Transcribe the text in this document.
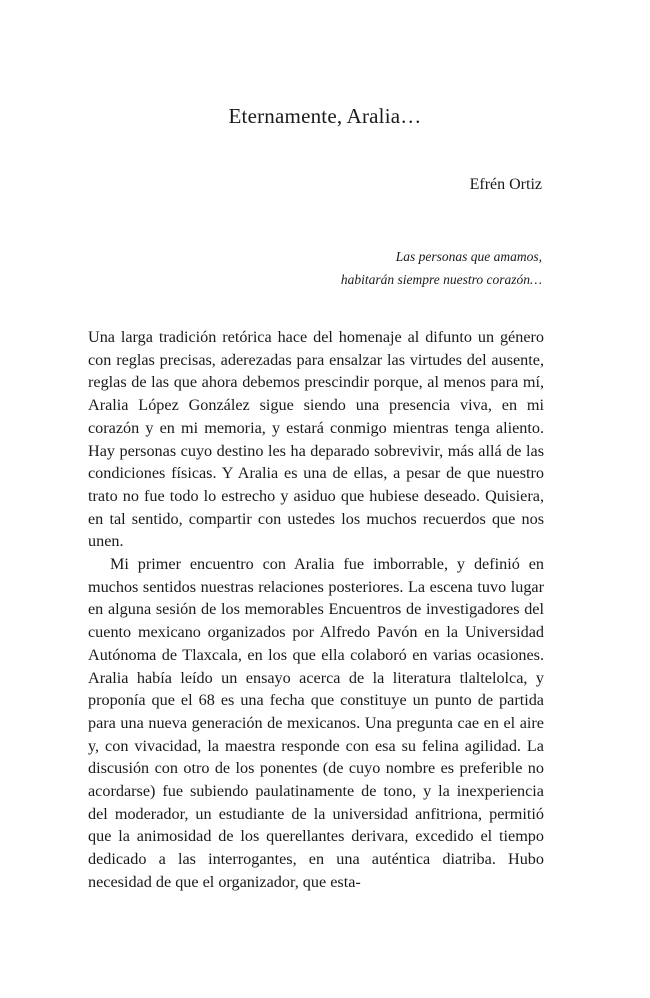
Eternamente, Aralia…

Efrén Ortiz

Las personas que amamos,
habitarán siempre nuestro corazón…

Una larga tradición retórica hace del homenaje al difunto un género con reglas precisas, aderezadas para ensalzar las virtudes del ausente, reglas de las que ahora debemos prescindir porque, al menos para mí, Aralia López González sigue siendo una presencia viva, en mi corazón y en mi memoria, y estará conmigo mientras tenga aliento. Hay personas cuyo destino les ha deparado sobrevivir, más allá de las condiciones físicas. Y Aralia es una de ellas, a pesar de que nuestro trato no fue todo lo estrecho y asiduo que hubiese deseado. Quisiera, en tal sentido, compartir con ustedes los muchos recuerdos que nos unen.

Mi primer encuentro con Aralia fue imborrable, y definió en muchos sentidos nuestras relaciones posteriores. La escena tuvo lugar en alguna sesión de los memorables Encuentros de investigadores del cuento mexicano organizados por Alfredo Pavón en la Universidad Autónoma de Tlaxcala, en los que ella colaboró en varias ocasiones. Aralia había leído un ensayo acerca de la literatura tlaltelolca, y proponía que el 68 es una fecha que constituye un punto de partida para una nueva generación de mexicanos. Una pregunta cae en el aire y, con vivacidad, la maestra responde con esa su felina agilidad. La discusión con otro de los ponentes (de cuyo nombre es preferible no acordarse) fue subiendo paulatinamente de tono, y la inexperiencia del moderador, un estudiante de la universidad anfitriona, permitió que la animosidad de los querellantes derivara, excedido el tiempo dedicado a las interrogantes, en una auténtica diatriba. Hubo necesidad de que el organizador, que esta-
